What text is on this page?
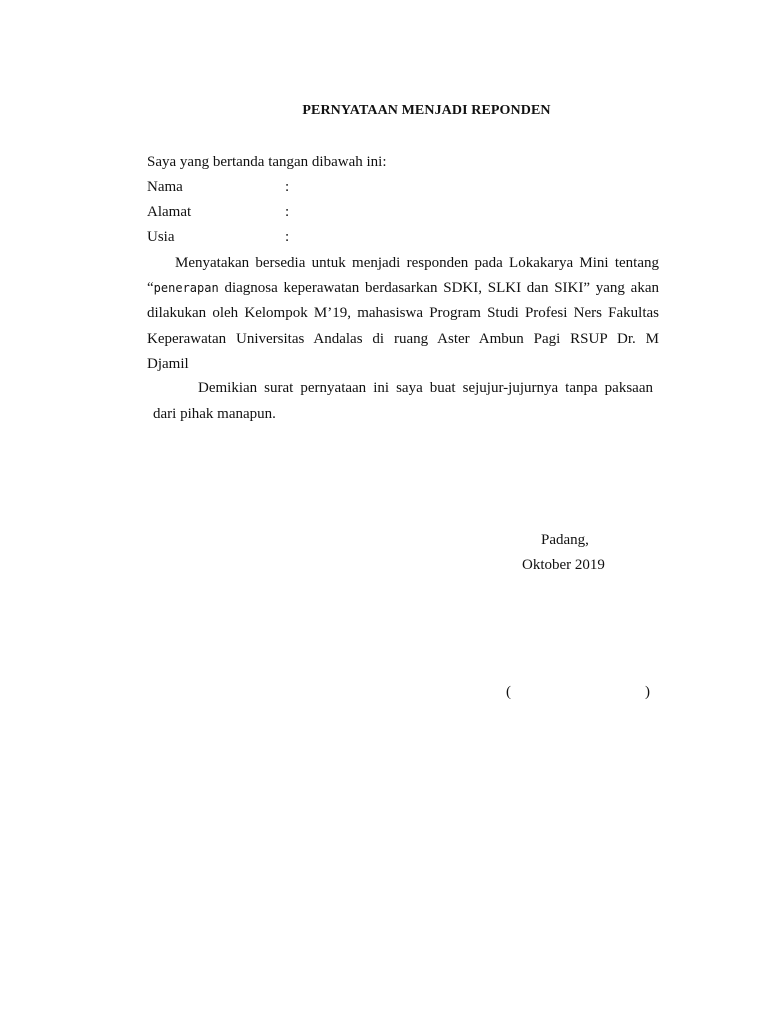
PERNYATAAN MENJADI REPONDEN
Saya yang bertanda tangan dibawah ini:
Nama	:
Alamat	:
Usia	:
Menyatakan bersedia untuk menjadi responden pada Lokakarya Mini tentang
“penerapan diagnosa keperawatan berdasarkan SDKI, SLKI dan SIKI” yang akan
dilakukan oleh Kelompok M’19, mahasiswa Program Studi Profesi Ners Fakultas
Keperawatan Universitas Andalas di ruang Aster Ambun Pagi RSUP Dr. M
Djamil
Demikian surat pernyataan ini saya buat sejujur-jujurnya tanpa paksaan
dari pihak manapun.
Padang,
Oktober 2019
(	)
